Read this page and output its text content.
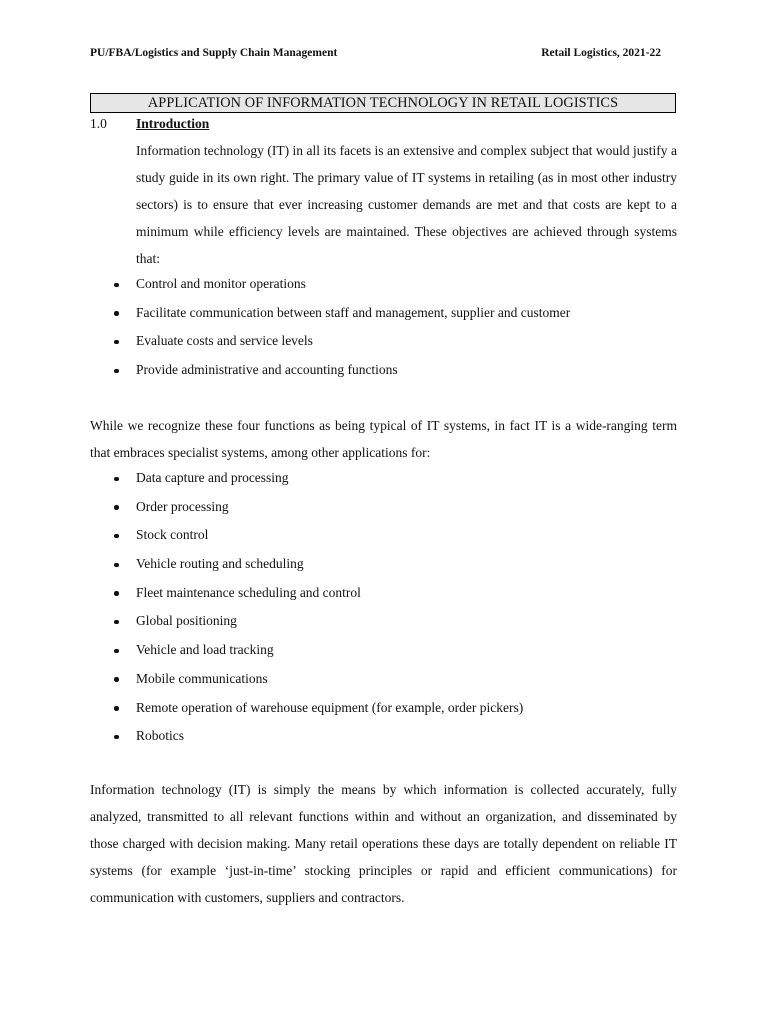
PU/FBA/Logistics and Supply Chain Management	Retail Logistics, 2021-22
APPLICATION OF INFORMATION TECHNOLOGY IN RETAIL LOGISTICS
1.0 Introduction

Information technology (IT) in all its facets is an extensive and complex subject that would justify a study guide in its own right. The primary value of IT systems in retailing (as in most other industry sectors) is to ensure that ever increasing customer demands are met and that costs are kept to a minimum while efficiency levels are maintained. These objectives are achieved through systems that:

Control and monitor operations
Facilitate communication between staff and management, supplier and customer
Evaluate costs and service levels
Provide administrative and accounting functions

While we recognize these four functions as being typical of IT systems, in fact IT is a wide-ranging term that embraces specialist systems, among other applications for:

Data capture and processing
Order processing
Stock control
Vehicle routing and scheduling
Fleet maintenance scheduling and control
Global positioning
Vehicle and load tracking
Mobile communications
Remote operation of warehouse equipment (for example, order pickers)
Robotics

Information technology (IT) is simply the means by which information is collected accurately, fully analyzed, transmitted to all relevant functions within and without an organization, and disseminated by those charged with decision making. Many retail operations these days are totally dependent on reliable IT systems (for example ‘just-in-time’ stocking principles or rapid and efficient communications) for communication with customers, suppliers and contractors.
